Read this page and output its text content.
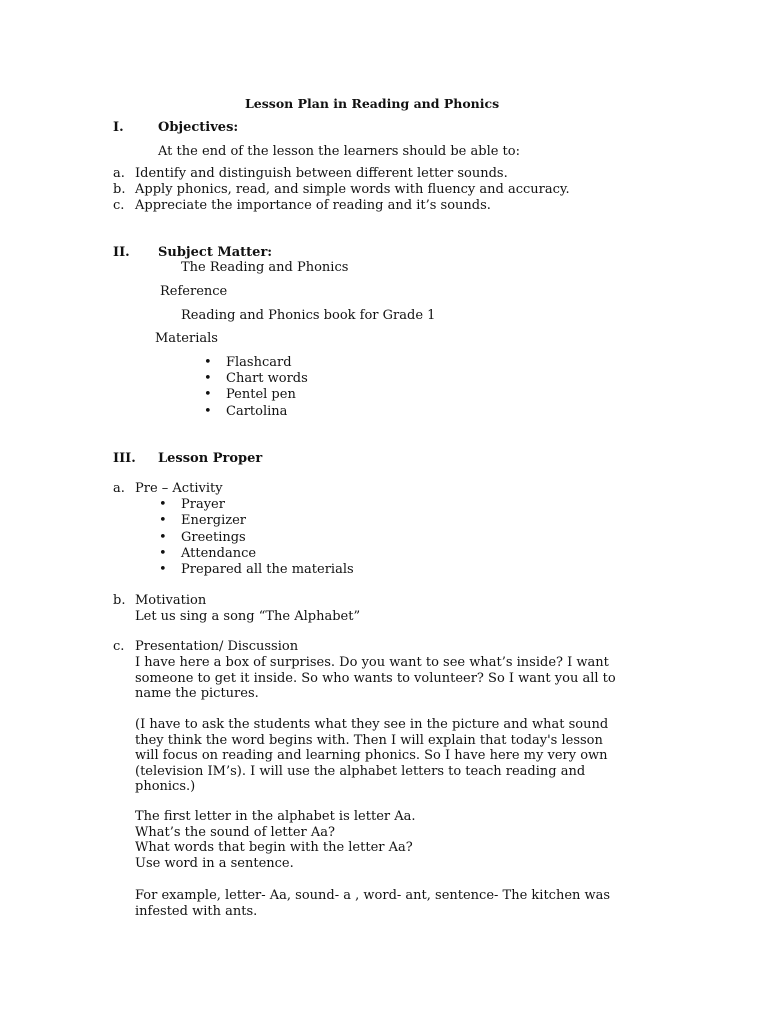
Lesson Plan in Reading and Phonics
I.	Objectives:
At the end of the lesson the learners should be able to:
a. Identify and distinguish between different letter sounds.
b. Apply phonics, read, and simple words with fluency and accuracy.
c. Appreciate the importance of reading and it’s sounds.
II. Subject Matter:
The Reading and Phonics
Reference
Reading and Phonics book for Grade 1
Materials
• Flashcard
• Chart words
• Pentel pen
• Cartolina
III. Lesson Proper
a. Pre – Activity
• Prayer
• Energizer
• Greetings
• Attendance
• Prepared all the materials
b. Motivation
Let us sing a song “The Alphabet”
c. Presentation/ Discussion
I have here a box of surprises. Do you want to see what’s inside? I want
someone to get it inside. So who wants to volunteer? So I want you all to
name the pictures.
(I have to ask the students what they see in the picture and what sound
they think the word begins with. Then I will explain that today's lesson
will focus on reading and learning phonics. So I have here my very own
(television IM’s). I will use the alphabet letters to teach reading and
phonics.)
The first letter in the alphabet is letter Aa.
What’s the sound of letter Aa?
What words that begin with the letter Aa?
Use word in a sentence.
For example, letter- Aa, sound- a , word- ant, sentence- The kitchen was
infested with ants.
